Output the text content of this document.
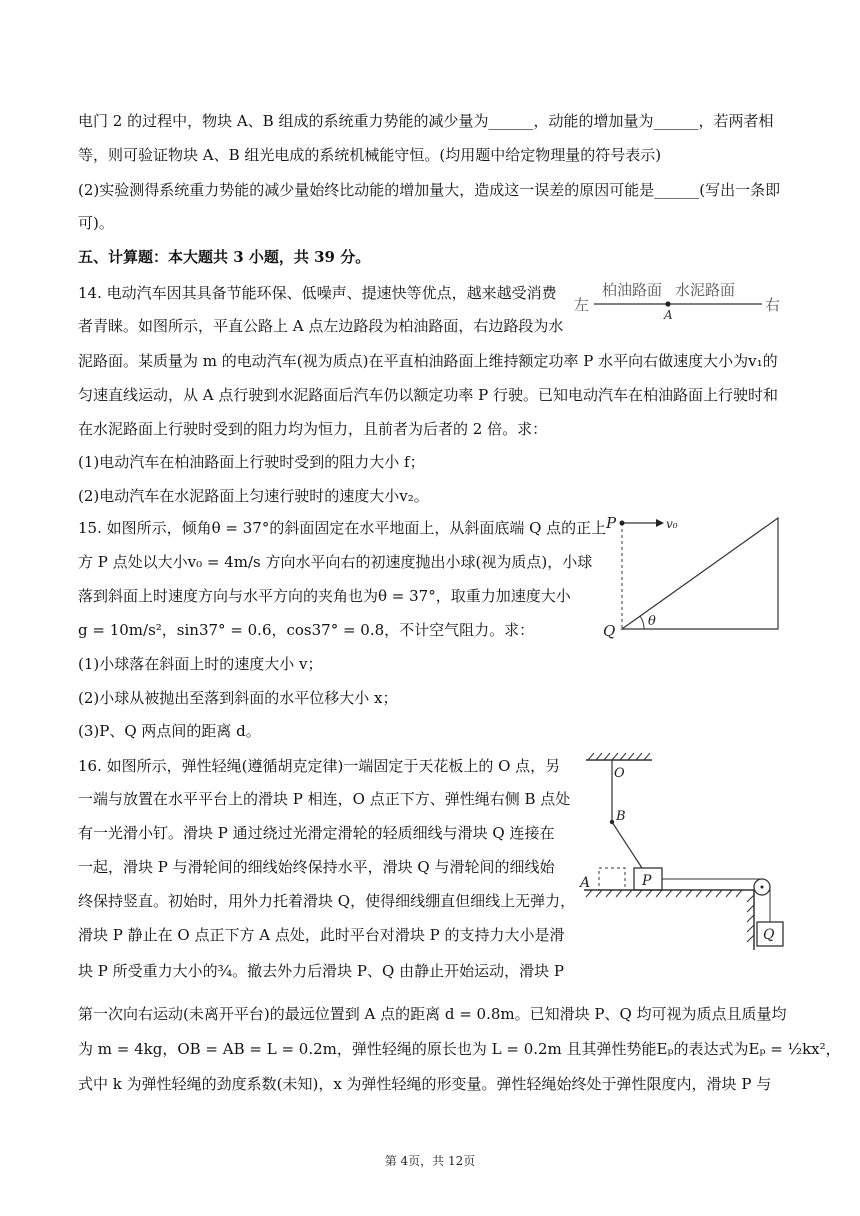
电门 2 的过程中，物块 A、B 组成的系统重力势能的减少量为______，动能的增加量为______，若两者相
等，则可验证物块 A、B 组光电成的系统机械能守恒。(均用题中给定物理量的符号表示)
(2)实验测得系统重力势能的减少量始终比动能的增加量大，造成这一误差的原因可能是______(写出一条即
可)。
五、计算题：本大题共 3 小题，共 39 分。
14. 电动汽车因其具备节能环保、低噪声、提速快等优点，越来越受消费
者青睐。如图所示，平直公路上 A 点左边路段为柏油路面，右边路段为水
泥路面。某质量为 m 的电动汽车(视为质点)在平直柏油路面上维持额定功率 P 水平向右做速度大小为v₁的
匀速直线运动，从 A 点行驶到水泥路面后汽车仍以额定功率 P 行驶。已知电动汽车在柏油路面上行驶时和
在水泥路面上行驶时受到的阻力均为恒力，且前者为后者的 2 倍。求：
(1)电动汽车在柏油路面上行驶时受到的阻力大小 f；
(2)电动汽车在水泥路面上匀速行驶时的速度大小v₂。
15. 如图所示，倾角θ = 37°的斜面固定在水平地面上，从斜面底端 Q 点的正上
方 P 点处以大小v₀ = 4m/s 方向水平向右的初速度抛出小球(视为质点)，小球
落到斜面上时速度方向与水平方向的夹角也为θ = 37°，取重力加速度大小
g = 10m/s²，sin37° = 0.6，cos37° = 0.8，不计空气阻力。求：
(1)小球落在斜面上时的速度大小 v；
(2)小球从被抛出至落到斜面的水平位移大小 x；
(3)P、Q 两点间的距离 d。
16. 如图所示，弹性轻绳(遵循胡克定律)一端固定于天花板上的 O 点，另
一端与放置在水平平台上的滑块 P 相连，O 点正下方、弹性绳右侧 B 点处
有一光滑小钉。滑块 P 通过绕过光滑定滑轮的轻质细线与滑块 Q 连接在
一起，滑块 P 与滑轮间的细线始终保持水平，滑块 Q 与滑轮间的细线始
终保持竖直。初始时，用外力托着滑块 Q，使得细线绷直但细线上无弹力，
滑块 P 静止在 O 点正下方 A 点处，此时平台对滑块 P 的支持力大小是滑
块 P 所受重力大小的¾。撤去外力后滑块 P、Q 由静止开始运动，滑块 P
第一次向右运动(未离开平台)的最远位置到 A 点的距离 d = 0.8m。已知滑块 P、Q 均可视为质点且质量均
为 m = 4kg，OB = AB = L = 0.2m，弹性轻绳的原长也为 L = 0.2m 且其弹性势能Eₚ的表达式为Eₚ = ½kx²，
式中 k 为弹性轻绳的劲度系数(未知)，x 为弹性轻绳的形变量。弹性轻绳始终处于弹性限度内，滑块 P 与
左	右
柏油路面 水泥路面
A
P
Q
v₀
θ
O
B
A	P
Q
第 4页，共 12页
